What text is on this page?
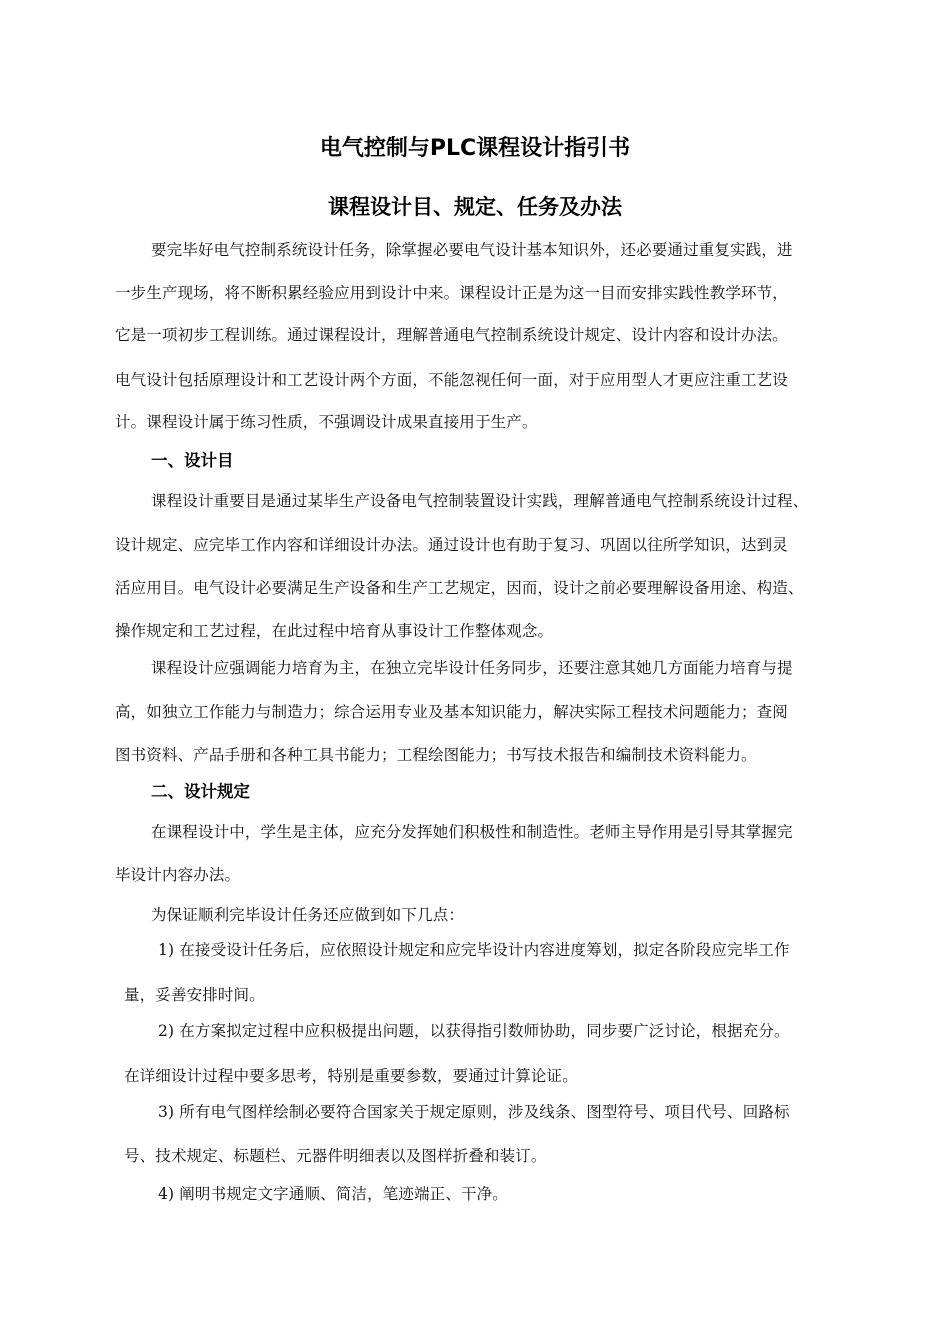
电气控制与PLC课程设计指引书
课程设计目、规定、任务及办法
要完毕好电气控制系统设计任务，除掌握必要电气设计基本知识外，还必要通过重复实践，进
一步生产现场，将不断积累经验应用到设计中来。课程设计正是为这一目而安排实践性教学环节，
它是一项初步工程训练。通过课程设计，理解普通电气控制系统设计规定、设计内容和设计办法。
电气设计包括原理设计和工艺设计两个方面，不能忽视任何一面，对于应用型人才更应注重工艺设
计。课程设计属于练习性质，不强调设计成果直接用于生产。
一、设计目
课程设计重要目是通过某毕生产设备电气控制装置设计实践，理解普通电气控制系统设计过程、
设计规定、应完毕工作内容和详细设计办法。通过设计也有助于复习、巩固以往所学知识，达到灵
活应用目。电气设计必要满足生产设备和生产工艺规定，因而，设计之前必要理解设备用途、构造、
操作规定和工艺过程，在此过程中培育从事设计工作整体观念。
课程设计应强调能力培育为主，在独立完毕设计任务同步，还要注意其她几方面能力培育与提
高，如独立工作能力与制造力；综合运用专业及基本知识能力，解决实际工程技术问题能力；查阅
图书资料、产品手册和各种工具书能力；工程绘图能力；书写技术报告和编制技术资料能力。
二、设计规定
在课程设计中，学生是主体，应充分发挥她们积极性和制造性。老师主导作用是引导其掌握完
毕设计内容办法。
为保证顺利完毕设计任务还应做到如下几点：
1) 在接受设计任务后，应依照设计规定和应完毕设计内容进度筹划，拟定各阶段应完毕工作
量，妥善安排时间。
2) 在方案拟定过程中应积极提出问题，以获得指引数师协助，同步要广泛讨论，根据充分。
在详细设计过程中要多思考，特别是重要参数，要通过计算论证。
3) 所有电气图样绘制必要符合国家关于规定原则，涉及线条、图型符号、项目代号、回路标
号、技术规定、标题栏、元器件明细表以及图样折叠和装订。
4) 阐明书规定文字通顺、简洁，笔迹端正、干净。
